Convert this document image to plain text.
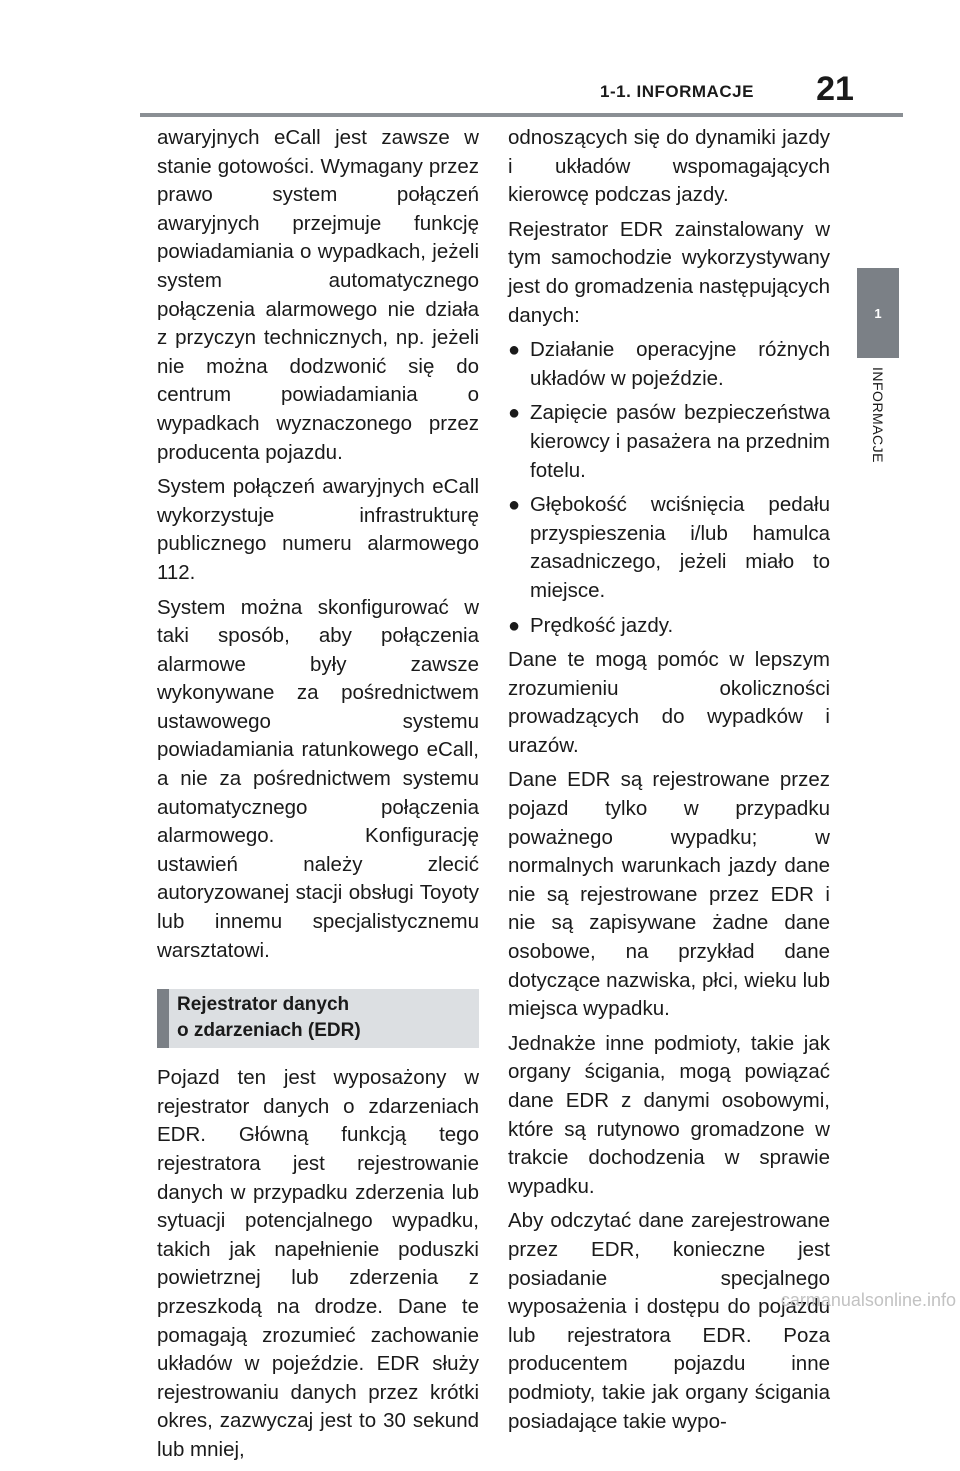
1-1. INFORMACJE	21
1
INFORMACJE

awaryjnych eCall jest zawsze w stanie gotowości. Wymagany przez prawo system połączeń awaryjnych przejmuje funkcję powiadamiania o wypadkach, jeżeli system automatycznego połączenia alarmowego nie działa z przyczyn technicznych, np. jeżeli nie można dodzwonić się do centrum powiadamiania o wypadkach wyznaczonego przez producenta pojazdu.

System połączeń awaryjnych eCall wykorzystuje infrastrukturę publicznego numeru alarmowego 112.

System można skonfigurować w taki sposób, aby połączenia alarmowe były zawsze wykonywane za pośrednictwem ustawowego systemu powiadamiania ratunkowego eCall, a nie za pośrednictwem systemu automatycznego połączenia alarmowego. Konfigurację ustawień należy zlecić autoryzowanej stacji obsługi Toyoty lub innemu specjalistycznemu warsztatowi.

Rejestrator danych
o zdarzeniach (EDR)

Pojazd ten jest wyposażony w rejestrator danych o zdarzeniach EDR. Główną funkcją tego rejestratora jest rejestrowanie danych w przypadku zderzenia lub sytuacji potencjalnego wypadku, takich jak napełnienie poduszki powietrznej lub zderzenia z przeszkodą na drodze. Dane te pomagają zrozumieć zachowanie układów w pojeździe. EDR służy rejestrowaniu danych przez krótki okres, zazwyczaj jest to 30 sekund lub mniej,

odnoszących się do dynamiki jazdy i układów wspomagających kierowcę podczas jazdy.

Rejestrator EDR zainstalowany w tym samochodzie wykorzystywany jest do gromadzenia następujących danych:

● Działanie operacyjne różnych układów w pojeździe.
● Zapięcie pasów bezpieczeństwa kierowcy i pasażera na przednim fotelu.
● Głębokość wciśnięcia pedału przyspieszenia i/lub hamulca zasadniczego, jeżeli miało to miejsce.
● Prędkość jazdy.

Dane te mogą pomóc w lepszym zrozumieniu okoliczności prowadzących do wypadków i urazów.

Dane EDR są rejestrowane przez pojazd tylko w przypadku poważnego wypadku; w normalnych warunkach jazdy dane nie są rejestrowane przez EDR i nie są zapisywane żadne dane osobowe, na przykład dane dotyczące nazwiska, płci, wieku lub miejsca wypadku.

Jednakże inne podmioty, takie jak organy ścigania, mogą powiązać dane EDR z danymi osobowymi, które są rutynowo gromadzone w trakcie dochodzenia w sprawie wypadku.

Aby odczytać dane zarejestrowane przez EDR, konieczne jest posiadanie specjalnego wyposażenia i dostępu do pojazdu lub rejestratora EDR. Poza producentem pojazdu inne podmioty, takie jak organy ścigania posiadające takie wypo-

carmanualsonline.info
